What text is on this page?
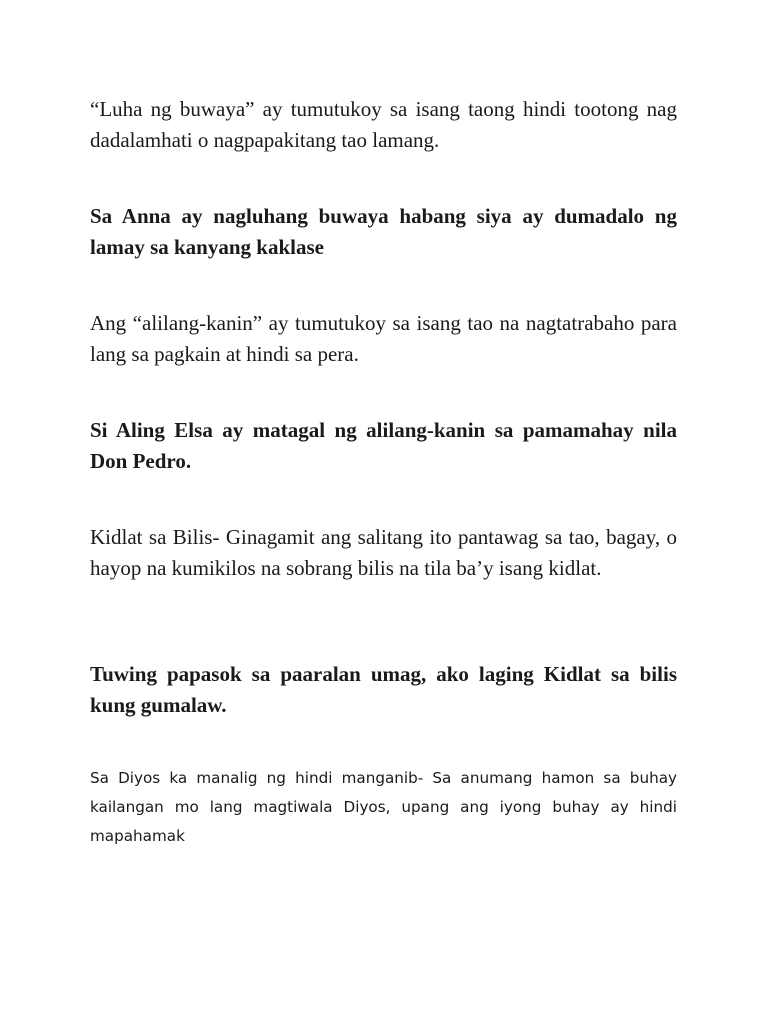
“Luha ng buwaya” ay tumutukoy sa isang taong hindi tootong nag dadalamhati o nagpapakitang tao lamang.

Sa Anna ay nagluhang buwaya habang siya ay dumadalo ng lamay sa kanyang kaklase

Ang “alilang-kanin” ay tumutukoy sa isang tao na nagtatrabaho para lang sa pagkain at hindi sa pera.

Si Aling Elsa ay matagal ng alilang-kanin sa pamamahay nila Don Pedro.

Kidlat sa Bilis- Ginagamit ang salitang ito pantawag sa tao, bagay, o hayop na kumikilos na sobrang bilis na tila ba’y isang kidlat.

Tuwing papasok sa paaralan umag, ako laging Kidlat sa bilis kung gumalaw.

Sa Diyos ka manalig ng hindi manganib- Sa anumang hamon sa buhay kailangan mo lang magtiwala Diyos, upang ang iyong buhay ay hindi mapahamak
